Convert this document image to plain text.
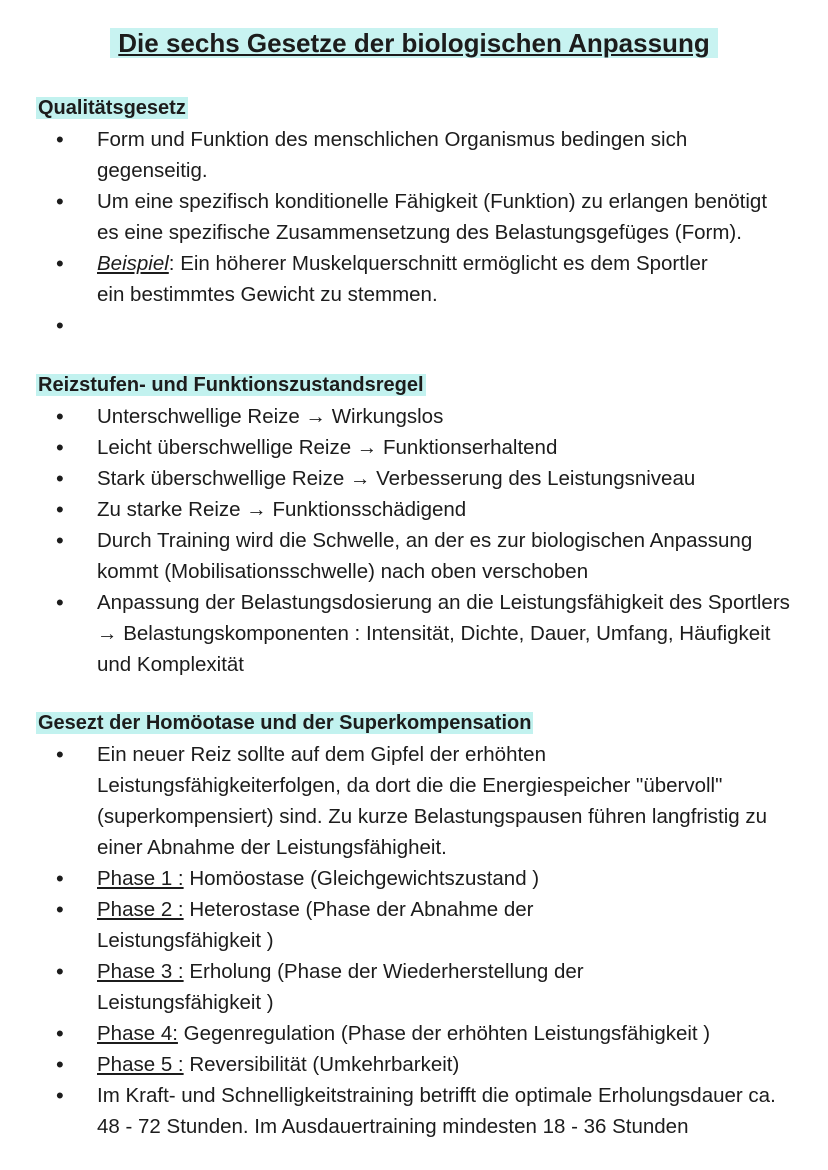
Die sechs Gesetze der biologischen Anpassung
Qualitätsgesetz
• Form und Funktion des menschlichen Organismus bedingen sich gegenseitig.
• Um eine spezifisch konditionelle Fähigkeit (Funktion) zu erlangen benötigt es eine spezifische Zusammensetzung des Belastungsgefüges (Form).
• Beispiel: Ein höherer Muskelquerschnitt ermöglicht es dem Sportler ein bestimmtes Gewicht zu stemmen.
Reizstufen- und Funktionszustandsregel
• Unterschwellige Reize → Wirkungslos
• Leicht überschwellige Reize → Funktionserhaltend
• Stark überschwellige Reize → Verbesserung des Leistungsniveau
• Zu starke Reize → Funktionsschädigend
• Durch Training wird die Schwelle, an der es zur biologischen Anpassung kommt (Mobilisationsschwelle) nach oben verschoben
• Anpassung der Belastungsdosierung an die Leistungsfähigkeit des Sportlers → Belastungskomponenten : Intensität, Dichte, Dauer, Umfang, Häufigkeit und Komplexität
Gesezt der Homöotase und der Superkompensation
• Ein neuer Reiz sollte auf dem Gipfel der erhöhten Leistungsfähigkeiterfolgen, da dort die die Energiespeicher "übervoll" (superkompensiert) sind. Zu kurze Belastungspausen führen langfristig zu einer Abnahme der Leistungsfähigheit.
• Phase 1 : Homöostase (Gleichgewichtszustand )
• Phase 2 : Heterostase (Phase der Abnahme der Leistungsfähigkeit )
• Phase 3 : Erholung (Phase der Wiederherstellung der Leistungsfähigkeit )
• Phase 4: Gegenregulation (Phase der erhöhten Leistungsfähigkeit )
• Phase 5 : Reversibilität (Umkehrbarkeit)
• Im Kraft- und Schnelligkeitstraining betrifft die optimale Erholungsdauer ca. 48 - 72 Stunden. Im Ausdauertraining mindesten 18 - 36 Stunden
